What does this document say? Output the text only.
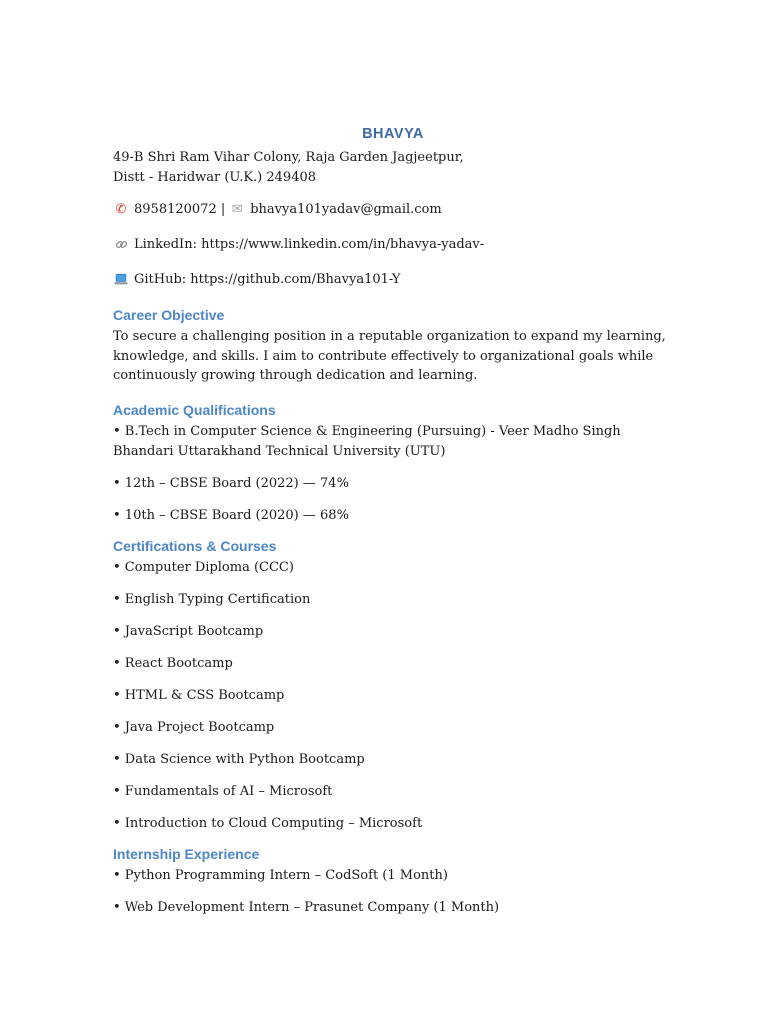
BHAVYA

49-B Shri Ram Vihar Colony, Raja Garden Jagjeetpur,

Distt - Haridwar (U.K.) 249408

✆ 8958120072 | ✉ bhavya101yadav@gmail.com
LinkedIn: https://www.linkedin.com/in/bhavya-yadav-
GitHub: https://github.com/Bhavya101-Y
Career Objective

To secure a challenging position in a reputable organization to expand my learning, knowledge, and skills. I aim to contribute effectively to organizational goals while continuously growing through dedication and learning.

Academic Qualifications

• B.Tech in Computer Science & Engineering (Pursuing) - Veer Madho Singh Bhandari Uttarakhand Technical University (UTU)

• 12th – CBSE Board (2022) — 74%

• 10th – CBSE Board (2020) — 68%

Certifications & Courses

• Computer Diploma (CCC)

• English Typing Certification

• JavaScript Bootcamp

• React Bootcamp

• HTML & CSS Bootcamp

• Java Project Bootcamp

• Data Science with Python Bootcamp

• Fundamentals of AI – Microsoft

• Introduction to Cloud Computing – Microsoft

Internship Experience

• Python Programming Intern – CodSoft (1 Month)

• Web Development Intern – Prasunet Company (1 Month)
